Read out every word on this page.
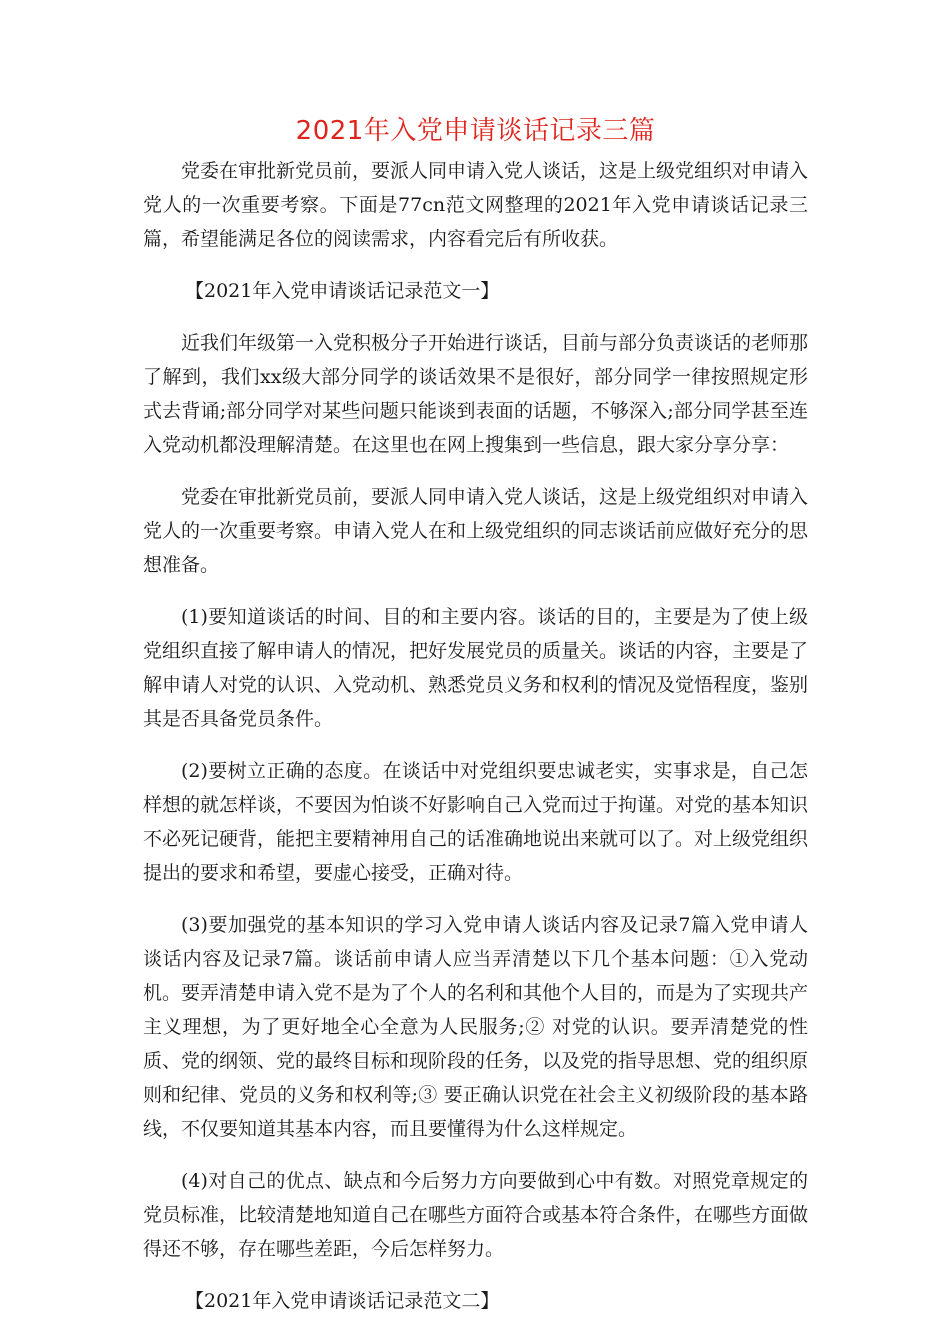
2021年入党申请谈话记录三篇

党委在审批新党员前，要派人同申请入党人谈话，这是上级党组织对申请入党人的一次重要考察。下面是77cn范文网整理的2021年入党申请谈话记录三篇，希望能满足各位的阅读需求，内容看完后有所收获。

【2021年入党申请谈话记录范文一】

近我们年级第一入党积极分子开始进行谈话，目前与部分负责谈话的老师那了解到，我们xx级大部分同学的谈话效果不是很好，部分同学一律按照规定形式去背诵;部分同学对某些问题只能谈到表面的话题，不够深入;部分同学甚至连入党动机都没理解清楚。在这里也在网上搜集到一些信息，跟大家分享分享：

党委在审批新党员前，要派人同申请入党人谈话，这是上级党组织对申请入党人的一次重要考察。申请入党人在和上级党组织的同志谈话前应做好充分的思想准备。

(1)要知道谈话的时间、目的和主要内容。谈话的目的，主要是为了使上级党组织直接了解申请人的情况，把好发展党员的质量关。谈话的内容，主要是了解申请人对党的认识、入党动机、熟悉党员义务和权利的情况及觉悟程度，鉴别其是否具备党员条件。

(2)要树立正确的态度。在谈话中对党组织要忠诚老实，实事求是，自己怎样想的就怎样谈，不要因为怕谈不好影响自己入党而过于拘谨。对党的基本知识不必死记硬背，能把主要精神用自己的话准确地说出来就可以了。对上级党组织提出的要求和希望，要虚心接受，正确对待。

(3)要加强党的基本知识的学习入党申请人谈话内容及记录7篇入党申请人谈话内容及记录7篇。谈话前申请人应当弄清楚以下几个基本问题：①入党动机。要弄清楚申请入党不是为了个人的名利和其他个人目的，而是为了实现共产主义理想，为了更好地全心全意为人民服务;② 对党的认识。要弄清楚党的性质、党的纲领、党的最终目标和现阶段的任务，以及党的指导思想、党的组织原则和纪律、党员的义务和权利等;③ 要正确认识党在社会主义初级阶段的基本路线，不仅要知道其基本内容，而且要懂得为什么这样规定。

(4)对自己的优点、缺点和今后努力方向要做到心中有数。对照党章规定的党员标准，比较清楚地知道自己在哪些方面符合或基本符合条件，在哪些方面做得还不够，存在哪些差距，今后怎样努力。

【2021年入党申请谈话记录范文二】
